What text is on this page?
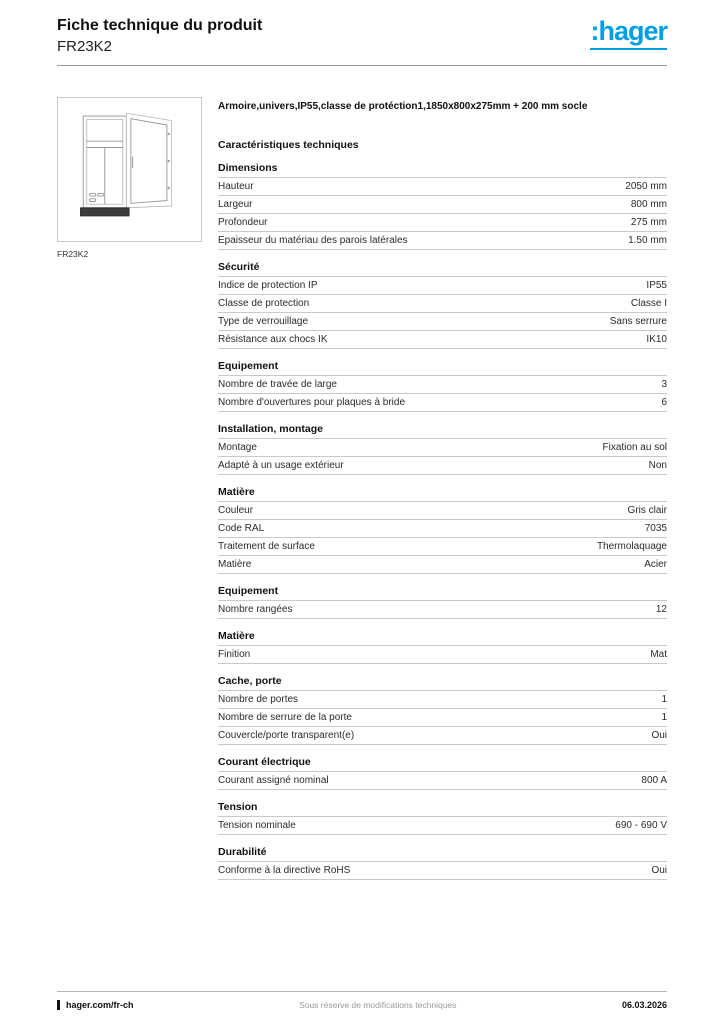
Fiche technique du produit
FR23K2
:hager
FR23K2
Armoire,univers,IP55,classe de protéction1,1850x800x275mm + 200 mm socle
Caractéristiques techniques
Dimensions
Hauteur	2050 mm
Largeur	800 mm
Profondeur	275 mm
Epaisseur du matériau des parois latérales	1.50 mm
Sécurité
Indice de protection IP	IP55
Classe de protection	Classe I
Type de verrouillage	Sans serrure
Résistance aux chocs IK	IK10
Equipement
Nombre de travée de large	3
Nombre d'ouvertures pour plaques à bride	6
Installation, montage
Montage	Fixation au sol
Adapté à un usage extérieur	Non
Matière
Couleur	Gris clair
Code RAL	7035
Traitement de surface	Thermolaquage
Matière	Acier
Equipement
Nombre rangées	12
Matière
Finition	Mat
Cache, porte
Nombre de portes	1
Nombre de serrure de la porte	1
Couvercle/porte transparent(e)	Oui
Courant électrique
Courant assigné nominal	800 A
Tension
Tension nominale	690 - 690 V
Durabilité
Conforme à la directive RoHS	Oui
hager.com/fr-ch	Sous réserve de modifications techniques	06.03.2026
